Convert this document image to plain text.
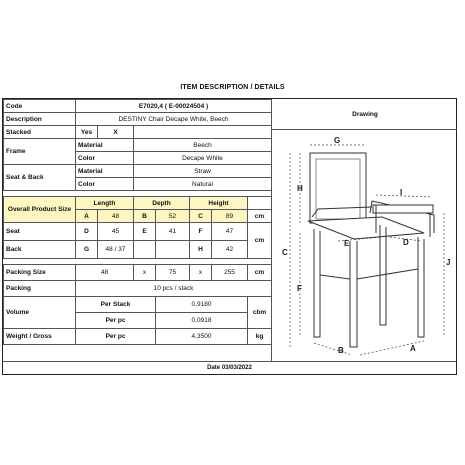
ITEM DESCRIPTION / DETAILS
Code	E7020,4 ( E-00024504 )						
Description	DESTINY Chair Decape White, Beech						
Stacked	Yes	X					
Frame	Material		Beech				
	Color		Decape White				
Seat & Back	Material		Straw				
	Color		Natural				

Overall Product Size	Length		Depth		Height		
	A	48	B	52	C	89	cm
Seat	D	45	E	41	F	47	cm
Back	G	48 / 37			H	42	

Packing Size	48		x	75	x	255	cm
Packing	10 pcs / stack						
Volume	Per Stack			0,9180			cbm
	Per pc			0,0918			
Weight / Gross	Per pc			4,3500			kg
Drawing
G
I
H
C
E	D
J
F
B	A
Date 03/03/2022
